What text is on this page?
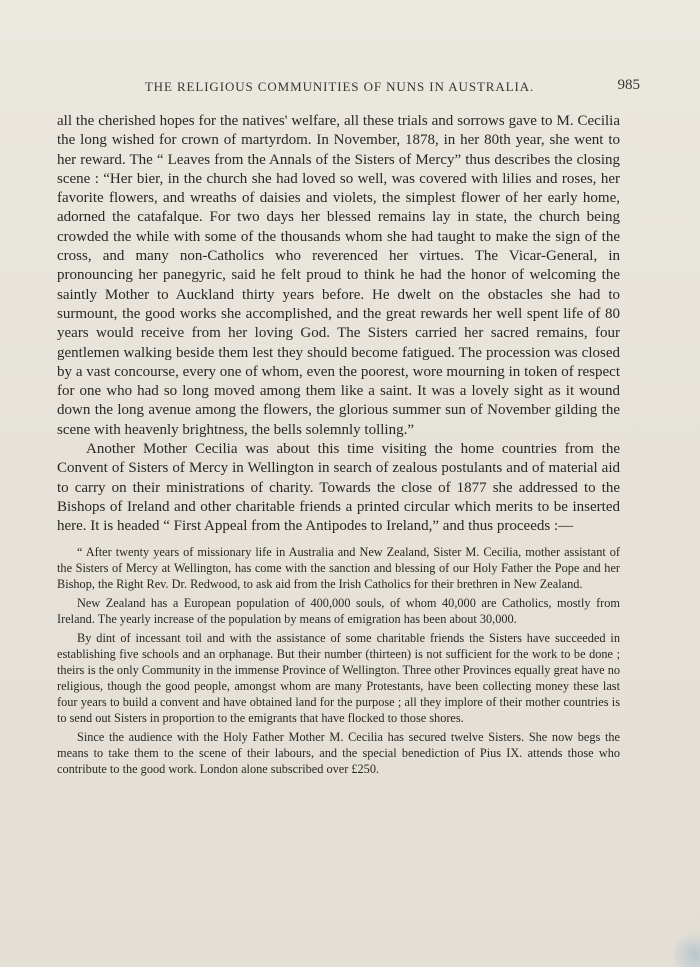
THE RELIGIOUS COMMUNITIES OF NUNS IN AUSTRALIA.	985

all the cherished hopes for the natives' welfare, all these trials and sorrows gave to M. Cecilia the long wished for crown of martyrdom. In November, 1878, in her 80th year, she went to her reward. The “ Leaves from the Annals of the Sisters of Mercy” thus describes the closing scene : “Her bier, in the church she had loved so well, was covered with lilies and roses, her favorite flowers, and wreaths of daisies and violets, the simplest flower of her early home, adorned the catafalque. For two days her blessed remains lay in state, the church being crowded the while with some of the thousands whom she had taught to make the sign of the cross, and many non-Catholics who reverenced her virtues. The Vicar-General, in pronouncing her panegyric, said he felt proud to think he had the honor of welcoming the saintly Mother to Auckland thirty years before. He dwelt on the obstacles she had to surmount, the good works she accomplished, and the great rewards her well spent life of 80 years would receive from her loving God. The Sisters carried her sacred remains, four gentlemen walking beside them lest they should become fatigued. The procession was closed by a vast concourse, every one of whom, even the poorest, wore mourning in token of respect for one who had so long moved among them like a saint. It was a lovely sight as it wound down the long avenue among the flowers, the glorious summer sun of November gilding the scene with heavenly brightness, the bells solemnly tolling.”

Another Mother Cecilia was about this time visiting the home countries from the Convent of Sisters of Mercy in Wellington in search of zealous postulants and of material aid to carry on their ministrations of charity. Towards the close of 1877 she addressed to the Bishops of Ireland and other charitable friends a printed circular which merits to be inserted here. It is headed “ First Appeal from the Antipodes to Ireland,” and thus proceeds :—

“ After twenty years of missionary life in Australia and New Zealand, Sister M. Cecilia, mother assistant of the Sisters of Mercy at Wellington, has come with the sanction and blessing of our Holy Father the Pope and her Bishop, the Right Rev. Dr. Redwood, to ask aid from the Irish Catholics for their brethren in New Zealand.

New Zealand has a European population of 400,000 souls, of whom 40,000 are Catholics, mostly from Ireland. The yearly increase of the population by means of emigration has been about 30,000.

By dint of incessant toil and with the assistance of some charitable friends the Sisters have succeeded in establishing five schools and an orphanage. But their number (thirteen) is not sufficient for the work to be done ; theirs is the only Community in the immense Province of Wellington. Three other Provinces equally great have no religious, though the good people, amongst whom are many Protestants, have been collecting money these last four years to build a convent and have obtained land for the purpose ; all they implore of their mother countries is to send out Sisters in proportion to the emigrants that have flocked to those shores.

Since the audience with the Holy Father Mother M. Cecilia has secured twelve Sisters. She now begs the means to take them to the scene of their labours, and the special benediction of Pius IX. attends those who contribute to the good work. London alone subscribed over £250.
